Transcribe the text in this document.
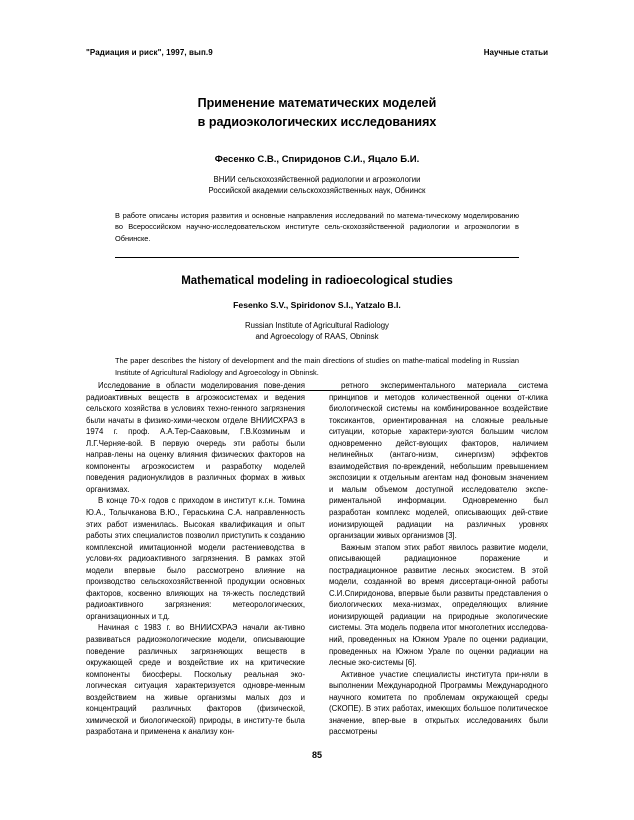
"Радиация и риск", 1997, вып.9	Научные статьи
Применение математических моделей
в радиоэкологических исследованиях
Фесенко С.В., Спиридонов С.И., Яцало Б.И.
ВНИИ сельскохозяйственной радиологии и агроэкологии
Российской академии сельскохозяйственных наук, Обнинск
В работе описаны история развития и основные направления исследований по матема-тическому моделированию во Всероссийском научно-исследовательском институте сель-скохозяйственной радиологии и агроэкологии в Обнинске.
Mathematical modeling in radioecological studies
Fesenko S.V., Spiridonov S.I., Yatzalo B.I.
Russian Institute of Agricultural Radiology
and Agroecology of RAAS, Obninsk
The paper describes the history of development and the main directions of studies on mathe-matical modeling in Russian Institute of Agricultural Radiology and Agroecology in Obninsk.

Исследование в области моделирования пове-дения радиоактивных веществ в агроэкосистемах и ведения сельского хозяйства в условиях техно-генного загрязнения были начаты в физико-хими-ческом отделе ВНИИСХРАЗ в 1974 г. проф. А.А.Тер-Сааковым, Г.В.Козминым и Л.Г.Черняе-вой. В первую очередь эти работы были направ-лены на оценку влияния физических факторов на компоненты агроэкосистем и разработку моделей поведения радионуклидов в различных формах в живых организмах.

В конце 70-х годов с приходом в институт к.г.н. Томина Ю.А., Толычканова В.Ю., Гераськина С.А. направленность этих работ изменилась. Высокая квалификация и опыт работы этих специалистов позволил приступить к созданию комплексной имитационной модели растениеводства в услови-ях радиоактивного загрязнения. В рамках этой модели впервые было рассмотрено влияние на производство сельскохозяйственной продукции основных факторов, косвенно влияющих на тя-жесть последствий радиоактивного загрязнения: метеорологических, организационных и т.д.

Начиная с 1983 г. во ВНИИСХРАЭ начали ак-тивно развиваться радиоэкологические модели, описывающие поведение различных загрязняющих веществ в окружающей среде и воздействие их на критические компоненты биосферы. Поскольку реальная эко-логическая ситуация характеризуется одновре-менным воздействием на живые организмы малых доз и концентраций различных факторов (физической, химической и биологической) природы, в институ-те была разработана и применена к анализу кон-

ретного экспериментального материала система принципов и методов количественной оценки от-клика биологической системы на комбинированное воздействие токсикантов, ориентированная на сложные реальные ситуации, которые характери-зуются большим числом одновременно дейст-вующих факторов, наличием нелинейных (антаго-низм, синергизм) эффектов взаимодействия по-вреждений, небольшим превышением экспозиции к отдельным агентам над фоновым значением и малым объемом доступной исследователю экспе-риментальной информации. Одновременно был разработан комплекс моделей, описывающих дей-ствие ионизирующей радиации на различных уровнях организации живых организмов [3].

Важным этапом этих работ явилось развитие модели, описывающей радиационное поражение и пострадиационное развитие лесных экосистем. В этой модели, созданной во время диссертаци-онной работы С.И.Спиридонова, впервые были развиты представления о биологических меха-низмах, определяющих влияние ионизирующей радиации на природные экологические системы. Эта модель подвела итог многолетних исследова-ний, проведенных на Южном Урале по оценки радиации, проведенных на Южном Урале по оценки радиации на лесные эко-системы [6].

Активное участие специалисты института при-няли в выполнении Международной Программы Международного научного комитета по проблемам окружающей среды (СКОПЕ). В этих работах, имеющих большое политическое значение, впер-вые в открытых исследованиях были рассмотрены

85
